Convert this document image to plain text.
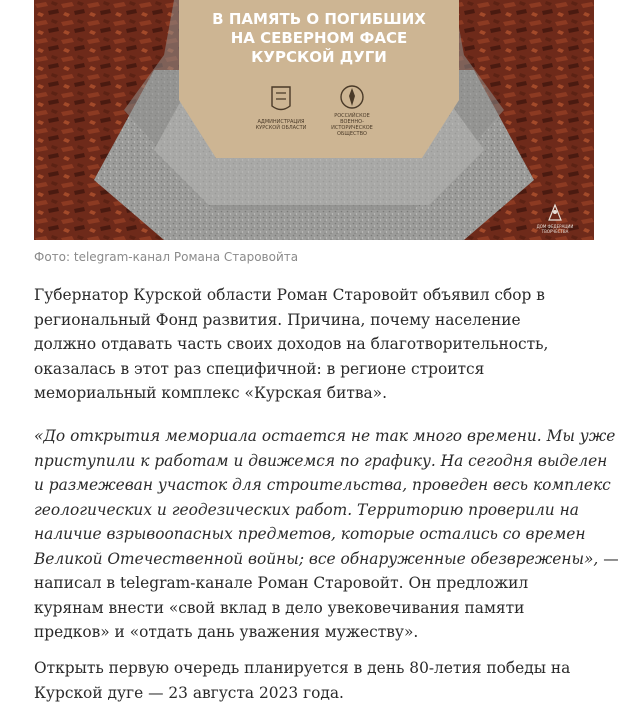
В ПАМЯТЬ О ПОГИБШИХ
НА СЕВЕРНОМ ФАСЕ
КУРСКОЙ ДУГИ
АДМИНИСТРАЦИЯ
КУРСКОЙ ОБЛАСТИ
РОССИЙСКОЕ
ВОЕННО-
ИСТОРИЧЕСКОЕ
ОБЩЕСТВО
ДОМ ФЕДЕРАЦИИ
ТВОРЧЕСТВА
Фото: telegram-канал Романа Старовойта

Губернатор Курской области Роман Старовойт объявил сбор в
региональный Фонд развития. Причина, почему население
должно отдавать часть своих доходов на благотворительность,
оказалась в этот раз специфичной: в регионе строится
мемориальный комплекс «Курская битва».

«До открытия мемориала остается не так много времени. Мы уже
приступили к работам и движемся по графику. На сегодня выделен
и размежеван участок для строительства, проведен весь комплекс
геологических и геодезических работ. Территорию проверили на
наличие взрывоопасных предметов, которые остались со времен
Великой Отечественной войны; все обнаруженные обезврежены», —
написал в telegram-канале Роман Старовойт. Он предложил
курянам внести «свой вклад в дело увековечивания памяти
предков» и «отдать дань уважения мужеству».

Открыть первую очередь планируется в день 80-летия победы на
Курской дуге — 23 августа 2023 года.
